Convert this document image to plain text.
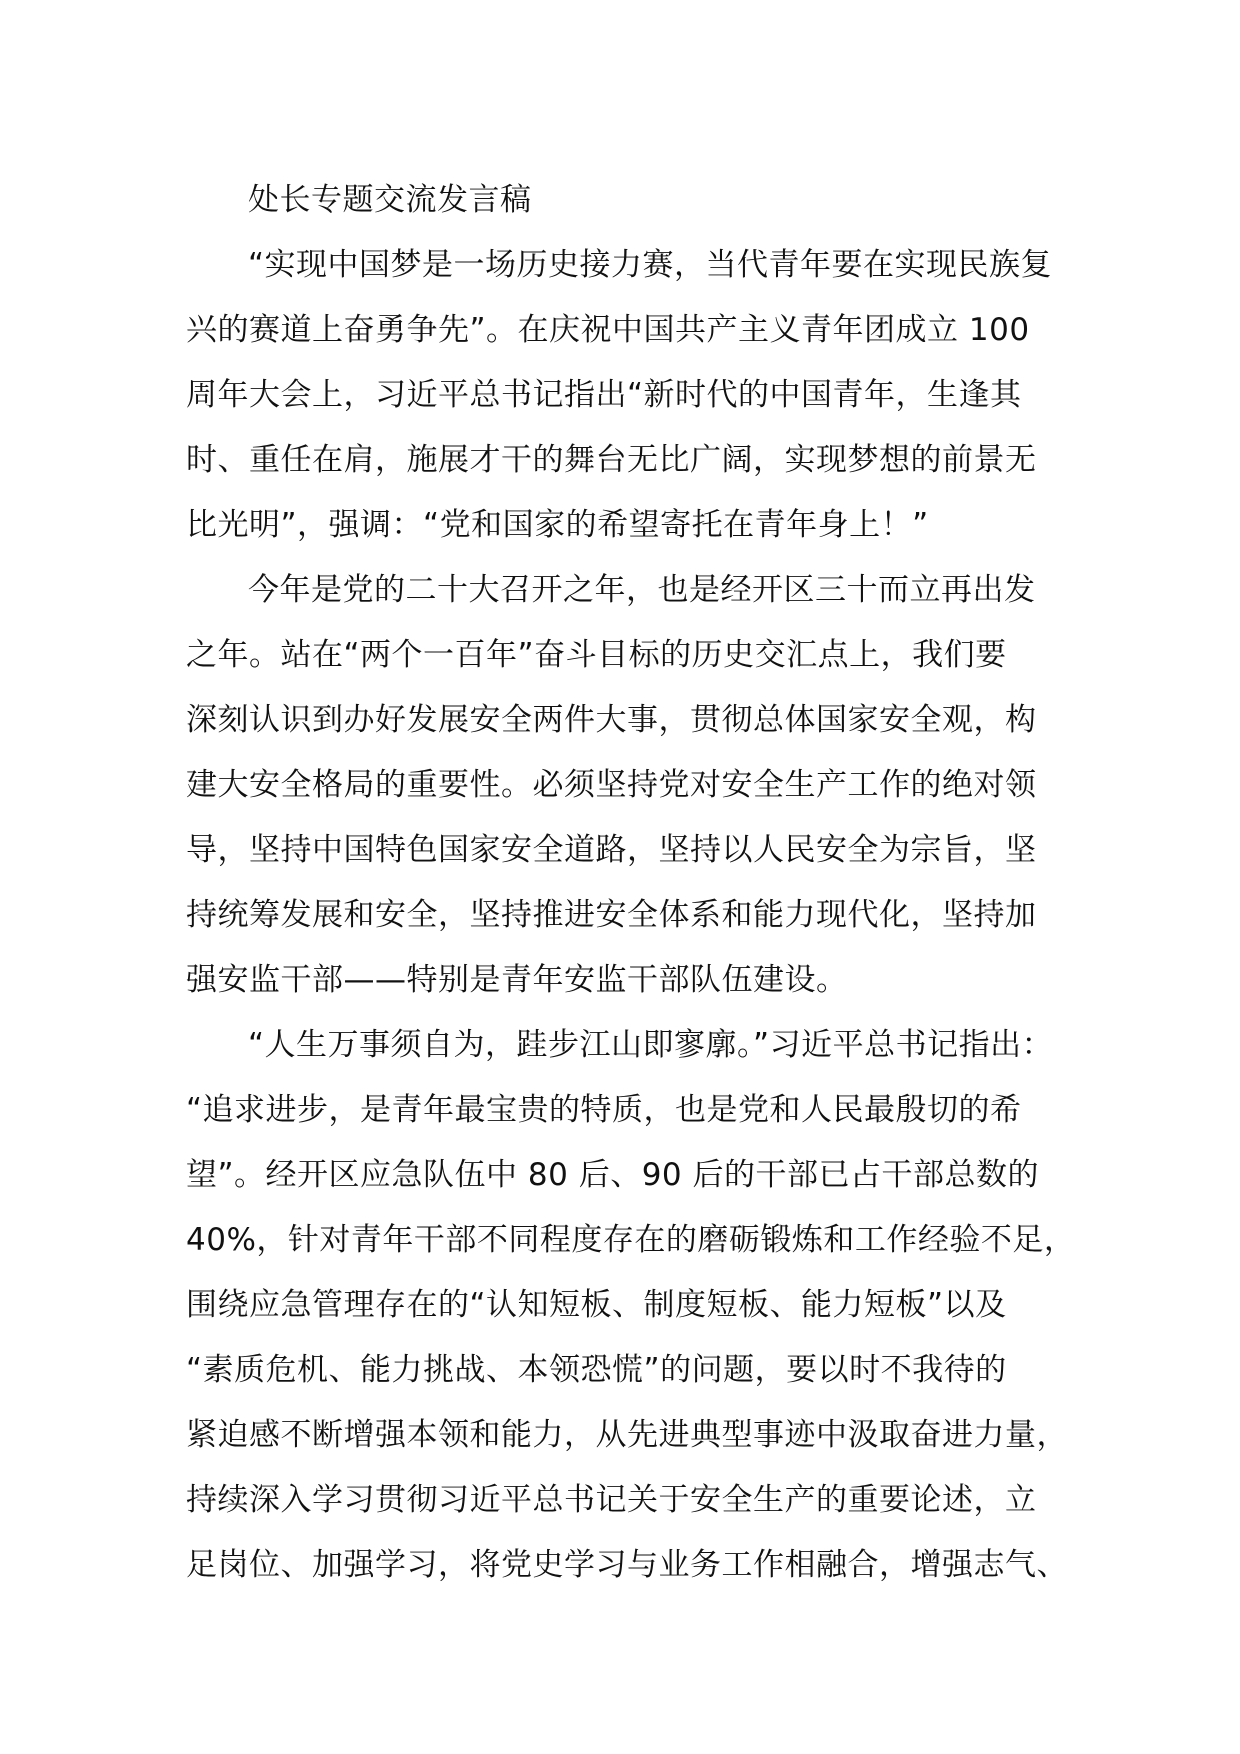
处长专题交流发言稿
“实现中国梦是一场历史接力赛，当代青年要在实现民族复
兴的赛道上奋勇争先”。在庆祝中国共产主义青年团成立 100
周年大会上，习近平总书记指出“新时代的中国青年，生逢其
时、重任在肩，施展才干的舞台无比广阔，实现梦想的前景无
比光明”，强调：“党和国家的希望寄托在青年身上！”
今年是党的二十大召开之年，也是经开区三十而立再出发
之年。站在“两个一百年”奋斗目标的历史交汇点上，我们要
深刻认识到办好发展安全两件大事，贯彻总体国家安全观，构
建大安全格局的重要性。必须坚持党对安全生产工作的绝对领
导，坚持中国特色国家安全道路，坚持以人民安全为宗旨，坚
持统筹发展和安全，坚持推进安全体系和能力现代化，坚持加
强安监干部——特别是青年安监干部队伍建设。
“人生万事须自为，跬步江山即寥廓。”习近平总书记指出：
“追求进步，是青年最宝贵的特质，也是党和人民最殷切的希
望”。经开区应急队伍中 80 后、90 后的干部已占干部总数的
40%，针对青年干部不同程度存在的磨砺锻炼和工作经验不足，
围绕应急管理存在的“认知短板、制度短板、能力短板”以及
“素质危机、能力挑战、本领恐慌”的问题，要以时不我待的
紧迫感不断增强本领和能力，从先进典型事迹中汲取奋进力量，
持续深入学习贯彻习近平总书记关于安全生产的重要论述，立
足岗位、加强学习，将党史学习与业务工作相融合，增强志气、
